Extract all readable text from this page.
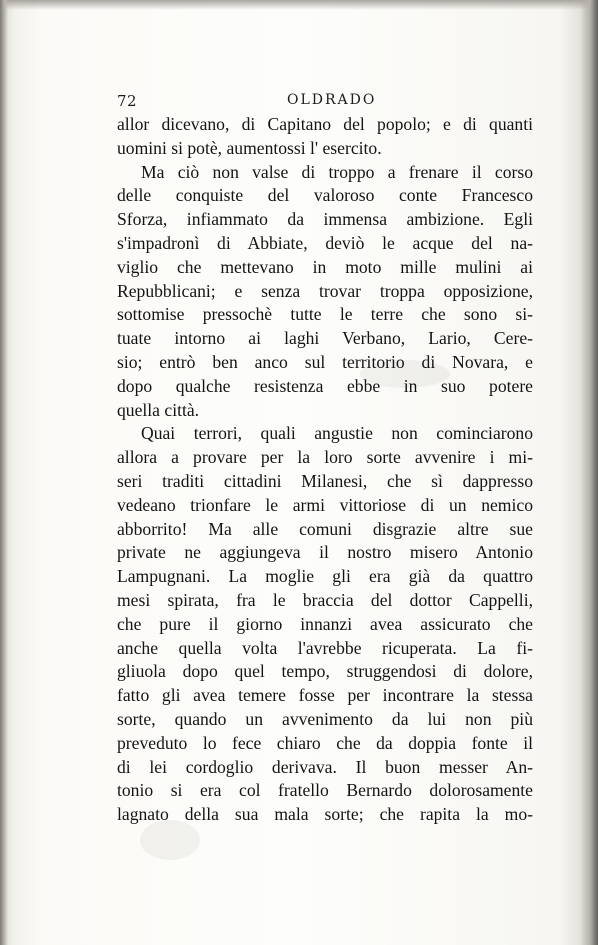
72	OLDRADO
allor dicevano, di Capitano del popolo; e di quanti
uomini si potè, aumentossi l' esercito.
Ma ciò non valse di troppo a frenare il corso
delle conquiste del valoroso conte Francesco
Sforza, infiammato da immensa ambizione. Egli
s'impadronì di Abbiate, deviò le acque del na-
viglio che mettevano in moto mille mulini ai
Repubblicani; e senza trovar troppa opposizione,
sottomise pressochè tutte le terre che sono si-
tuate intorno ai laghi Verbano, Lario, Cere-
sio; entrò ben anco sul territorio di Novara, e
dopo qualche resistenza ebbe in suo potere
quella città.
Quai terrori, quali angustie non cominciarono
allora a provare per la loro sorte avvenire i mi-
seri traditi cittadini Milanesi, che sì dappresso
vedeano trionfare le armi vittoriose di un nemico
abborrito! Ma alle comuni disgrazie altre sue
private ne aggiungeva il nostro misero Antonio
Lampugnani. La moglie gli era già da quattro
mesi spirata, fra le braccia del dottor Cappelli,
che pure il giorno innanzi avea assicurato che
anche quella volta l'avrebbe ricuperata. La fi-
gliuola dopo quel tempo, struggendosi di dolore,
fatto gli avea temere fosse per incontrare la stessa
sorte, quando un avvenimento da lui non più
preveduto lo fece chiaro che da doppia fonte il
di lei cordoglio derivava. Il buon messer An-
tonio si era col fratello Bernardo dolorosamente
lagnato della sua mala sorte; che rapita la mo-
